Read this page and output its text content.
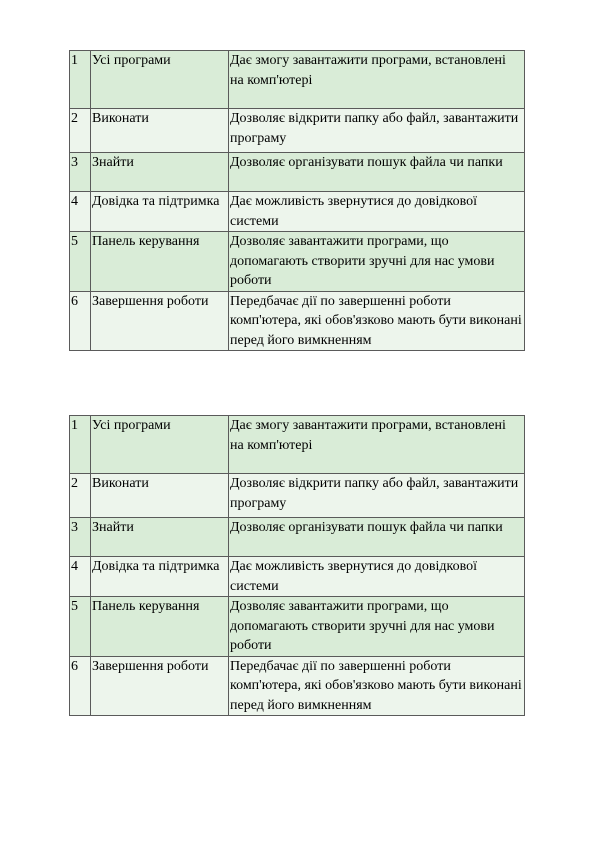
1	Усі програми	Дає змогу завантажити програми, встановлені на комп'ютері
2	Виконати	Дозволяє відкрити папку або файл, завантажити програму
3	Знайти	Дозволяє організувати пошук файла чи папки
4	Довідка та підтримка	Дає можливість звернутися до довідкової системи
5	Панель керування	Дозволяє завантажити програми, що допомагають створити зручні для нас умови роботи
6	Завершення роботи	Передбачає дії по завершенні роботи комп'ютера, які обов'язково мають бути виконані перед його вимкненням
1	Усі програми	Дає змогу завантажити програми, встановлені на комп'ютері
2	Виконати	Дозволяє відкрити папку або файл, завантажити програму
3	Знайти	Дозволяє організувати пошук файла чи папки
4	Довідка та підтримка	Дає можливість звернутися до довідкової системи
5	Панель керування	Дозволяє завантажити програми, що допомагають створити зручні для нас умови роботи
6	Завершення роботи	Передбачає дії по завершенні роботи комп'ютера, які обов'язково мають бути виконані перед його вимкненням
